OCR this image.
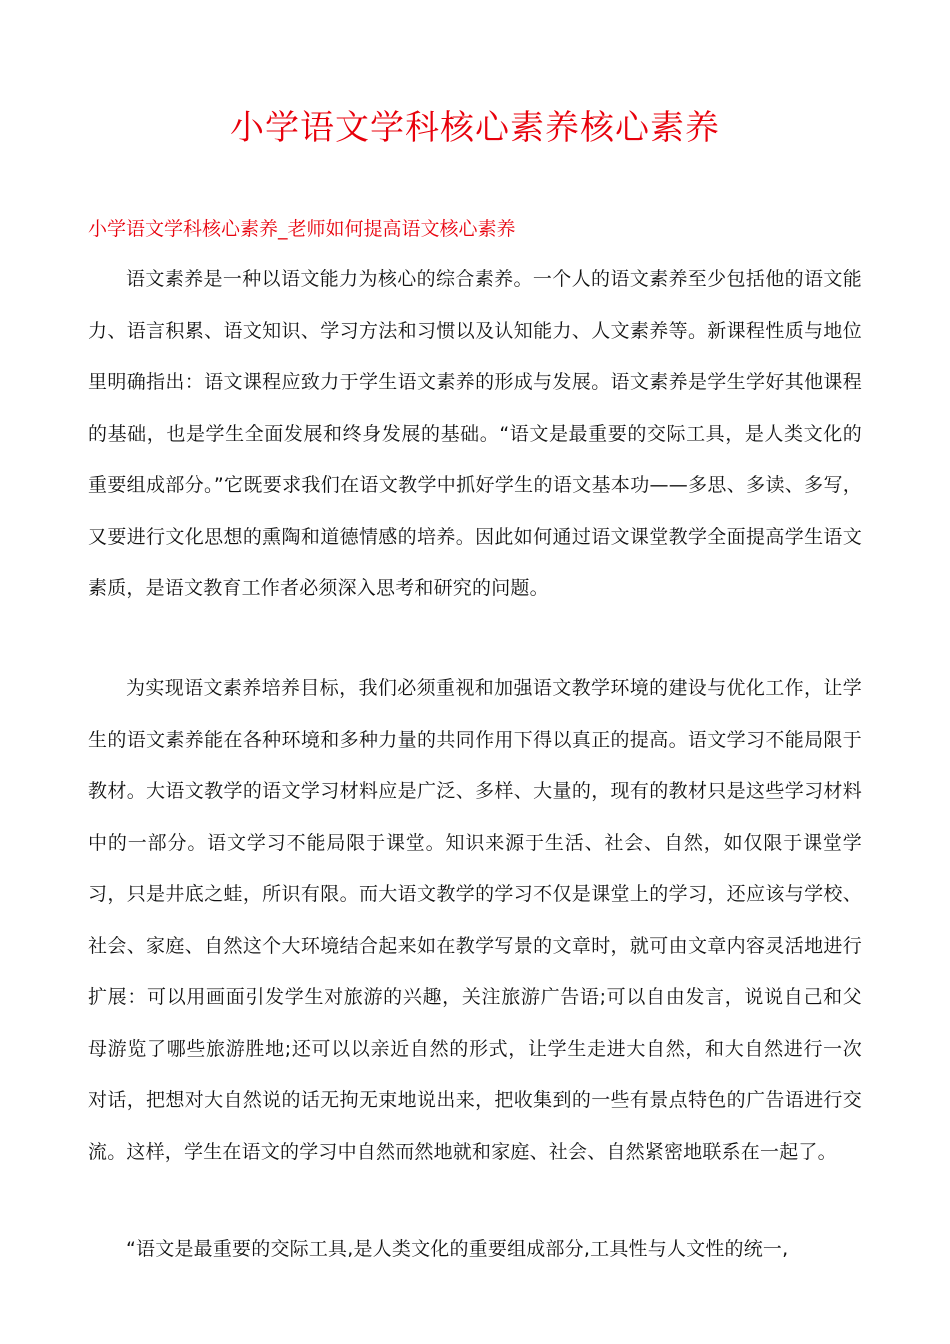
小学语文学科核心素养核心素养

小学语文学科核心素养_老师如何提高语文核心素养

语文素养是一种以语文能力为核心的综合素养。一个人的语文素养至少包括他的语文能力、语言积累、语文知识、学习方法和习惯以及认知能力、人文素养等。新课程性质与地位里明确指出：语文课程应致力于学生语文素养的形成与发展。语文素养是学生学好其他课程的基础，也是学生全面发展和终身发展的基础。“语文是最重要的交际工具，是人类文化的重要组成部分。”它既要求我们在语文教学中抓好学生的语文基本功——多思、多读、多写，又要进行文化思想的熏陶和道德情感的培养。因此如何通过语文课堂教学全面提高学生语文素质，是语文教育工作者必须深入思考和研究的问题。

为实现语文素养培养目标，我们必须重视和加强语文教学环境的建设与优化工作，让学生的语文素养能在各种环境和多种力量的共同作用下得以真正的提高。语文学习不能局限于教材。大语文教学的语文学习材料应是广泛、多样、大量的，现有的教材只是这些学习材料中的一部分。语文学习不能局限于课堂。知识来源于生活、社会、自然，如仅限于课堂学习，只是井底之蛙，所识有限。而大语文教学的学习不仅是课堂上的学习，还应该与学校、社会、家庭、自然这个大环境结合起来如在教学写景的文章时，就可由文章内容灵活地进行扩展：可以用画面引发学生对旅游的兴趣，关注旅游广告语;可以自由发言，说说自己和父母游览了哪些旅游胜地;还可以以亲近自然的形式，让学生走进大自然，和大自然进行一次对话，把想对大自然说的话无拘无束地说出来，把收集到的一些有景点特色的广告语进行交流。这样，学生在语文的学习中自然而然地就和家庭、社会、自然紧密地联系在一起了。

“语文是最重要的交际工具,是人类文化的重要组成部分,工具性与人文性的统一,
